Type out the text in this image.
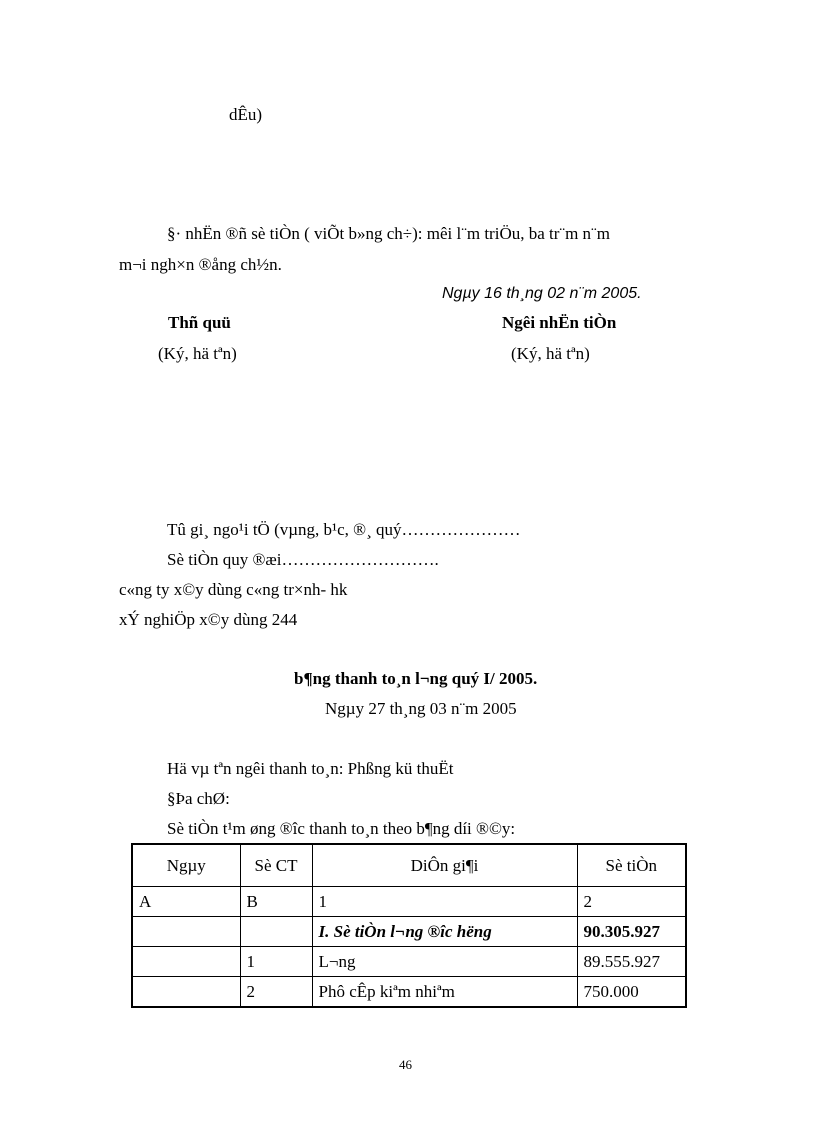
dÊu)
§· nhËn ®ñ sè tiÒn ( viÕt b»ng ch÷): mêi l¨m triÖu, ba tr¨m n¨m
m¬i ngh×n ®ång ch½n.
Ngµy 16 th¸ng 02 n¨m 2005.
Thñ quü	Ngêi nhËn tiÒn
(Ký, hä tªn)	(Ký, hä tªn)
Tû gi¸ ngo¹i tÖ (vµng, b¹c, ®¸ quý…………………
Sè tiÒn quy ®æi……………………….
c«ng ty x©y dùng c«ng tr×nh- hk
xÝ nghiÖp x©y dùng 244
b¶ng thanh to¸n l¬ng quý I/ 2005.
Ngµy 27 th¸ng 03 n¨m 2005
Hä vµ tªn ngêi thanh to¸n: Phßng kü thuËt
§Þa chØ:
Sè tiÒn t¹m øng ®îc thanh to¸n theo b¶ng díi ®©y:
Ngµy	Sè CT	DiÔn gi¶i	Sè tiÒn
A	B	1	2
		I. Sè tiÒn l¬ng ®îc hëng	90.305.927
	1	L¬ng	89.555.927
	2	Phô cÊp kiªm nhiªm	750.000
46
